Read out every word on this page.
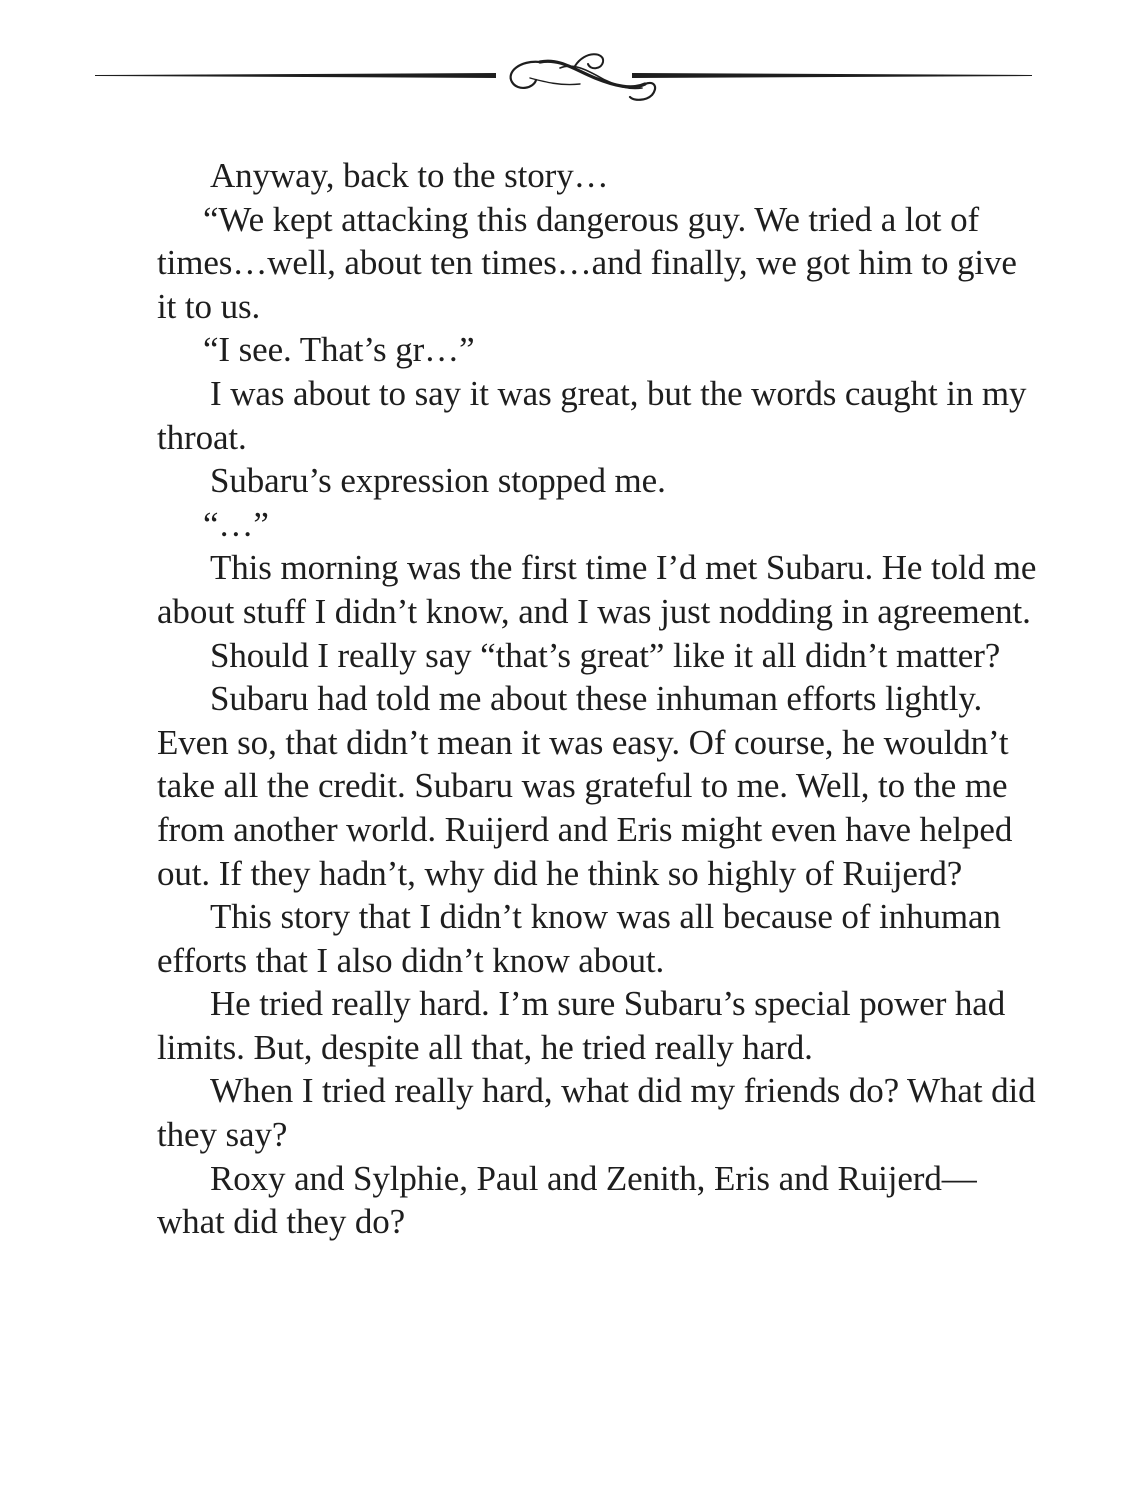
Anyway, back to the story…

“We kept attacking this dangerous guy. We tried a lot of times…well, about ten times…and finally, we got him to give it to us.

“I see. That’s gr…”

I was about to say it was great, but the words caught in my throat.

Subaru’s expression stopped me.

“…”

This morning was the first time I’d met Subaru. He told me about stuff I didn’t know, and I was just nodding in agreement.

Should I really say “that’s great” like it all didn’t matter?

Subaru had told me about these inhuman efforts lightly. Even so, that didn’t mean it was easy. Of course, he wouldn’t take all the credit. Subaru was grateful to me. Well, to the me from another world. Ruijerd and Eris might even have helped out. If they hadn’t, why did he think so highly of Ruijerd?

This story that I didn’t know was all because of inhuman efforts that I also didn’t know about.

He tried really hard. I’m sure Subaru’s special power had limits. But, despite all that, he tried really hard.

When I tried really hard, what did my friends do? What did they say?

Roxy and Sylphie, Paul and Zenith, Eris and Ruijerd—what did they do?
